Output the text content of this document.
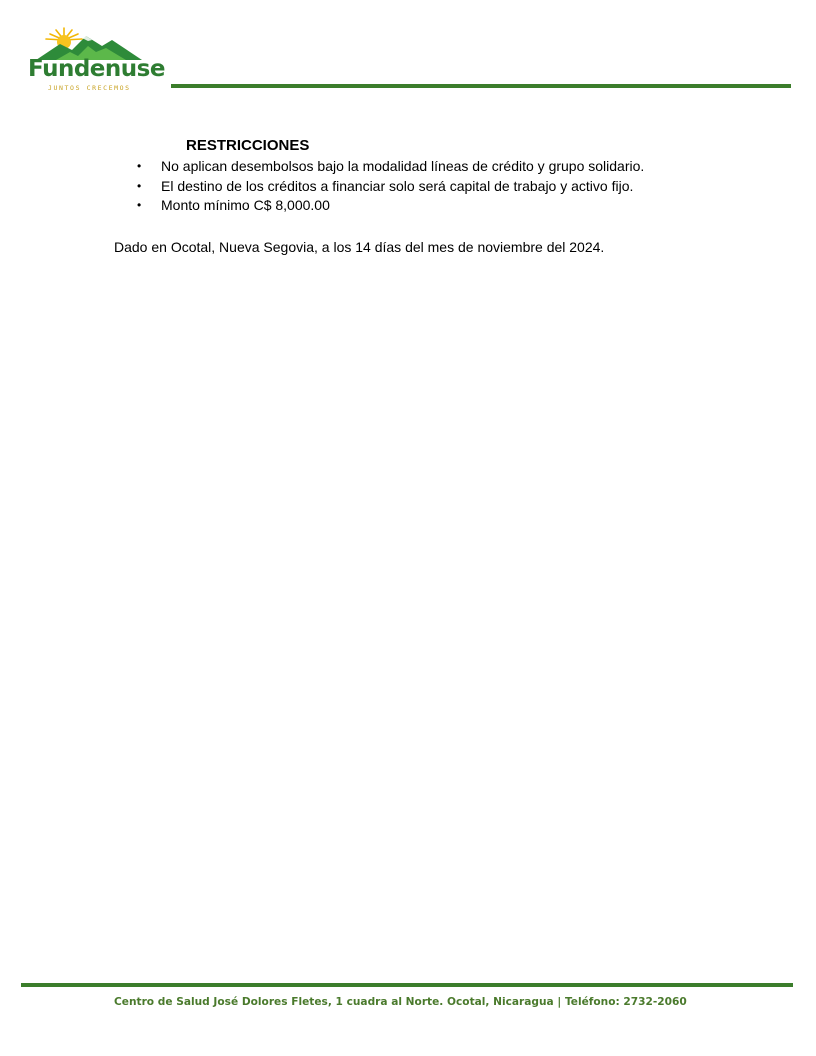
Fundenuse
JUNTOS CRECEMOS
RESTRICCIONES
• No aplican desembolsos bajo la modalidad líneas de crédito y grupo solidario.
• El destino de los créditos a financiar solo será capital de trabajo y activo fijo.
• Monto mínimo C$ 8,000.00
Dado en Ocotal, Nueva Segovia, a los 14 días del mes de noviembre del 2024.
Centro de Salud José Dolores Fletes, 1 cuadra al Norte. Ocotal, Nicaragua | Teléfono: 2732-2060
